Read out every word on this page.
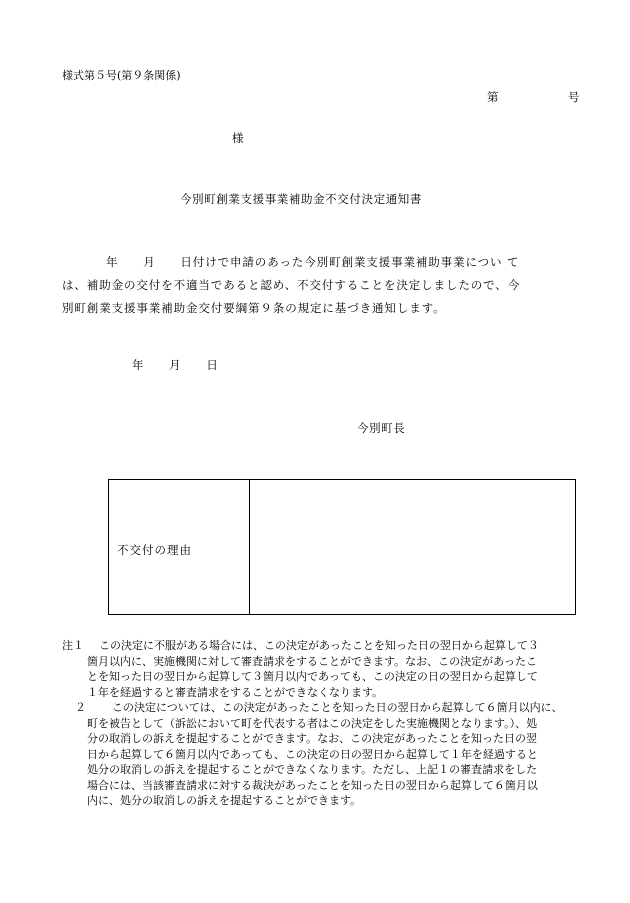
様式第５号(第９条関係)
第	号
様
今別町創業支援事業補助金不交付決定通知書
年　　月　　日付けで申請のあった今別町創業支援事業補助事業につい て
は、補助金の交付を不適当であると認め、不交付することを決定しましたので、今
別町創業支援事業補助金交付要綱第９条の規定に基づき通知します。
年 月 日
今別町長
不交付の理由
注１ この決定に不服がある場合には、この決定があったことを知った日の翌日から起算して３
箇月以内に、実施機関に対して審査請求をすることができます。なお、この決定があったこ
とを知った日の翌日から起算して３箇月以内であっても、この決定の日の翌日から起算して
１年を経過すると審査請求をすることができなくなります。
２ この決定については、この決定があったことを知った日の翌日から起算して６箇月以内に、
町を被告として（訴訟において町を代表する者はこの決定をした実施機関となります。）、処
分の取消しの訴えを提起することができます。なお、この決定があったことを知った日の翌
日から起算して６箇月以内であっても、この決定の日の翌日から起算して１年を経過すると
処分の取消しの訴えを提起することができなくなります。ただし、上記１の審査請求をした
場合には、当該審査請求に対する裁決があったことを知った日の翌日から起算して６箇月以
内に、処分の取消しの訴えを提起することができます。
